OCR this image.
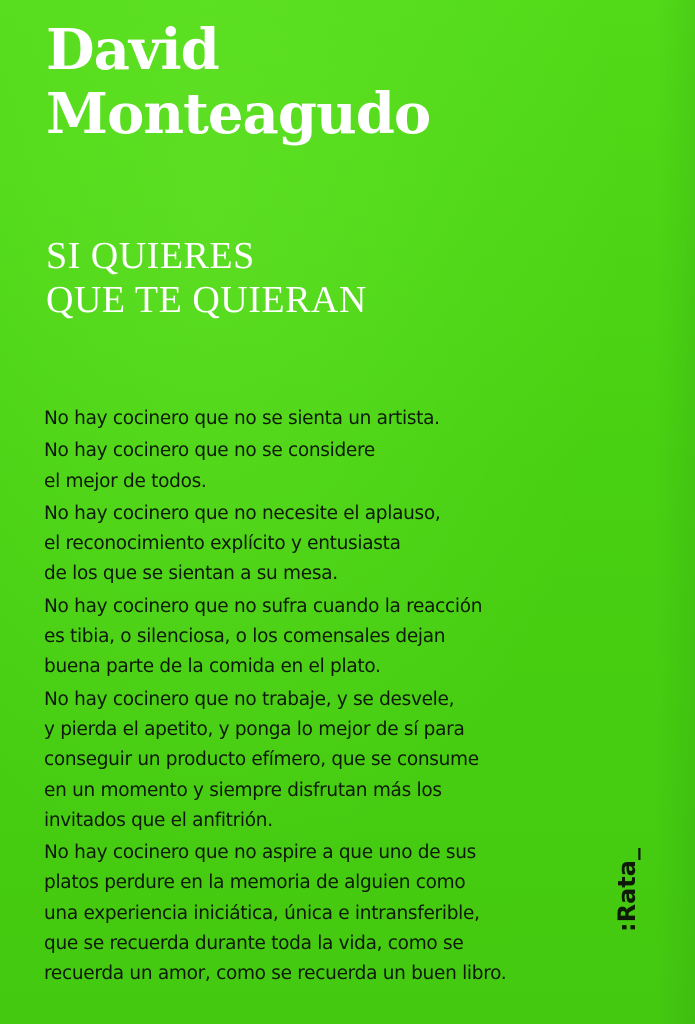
David
Monteagudo
SI QUIERES
QUE TE QUIERAN

No hay cocinero que no se sienta un artista.

No hay cocinero que no se considere
el mejor de todos.

No hay cocinero que no necesite el aplauso,
el reconocimiento explícito y entusiasta
de los que se sientan a su mesa.

No hay cocinero que no sufra cuando la reacción
es tibia, o silenciosa, o los comensales dejan
buena parte de la comida en el plato.

No hay cocinero que no trabaje, y se desvele,
y pierda el apetito, y ponga lo mejor de sí para
conseguir un producto efímero, que se consume
en un momento y siempre disfrutan más los
invitados que el anfitrión.

No hay cocinero que no aspire a que uno de sus
platos perdure en la memoria de alguien como
una experiencia iniciática, única e intransferible,
que se recuerda durante toda la vida, como se
recuerda un amor, como se recuerda un buen libro.

:Rata_
